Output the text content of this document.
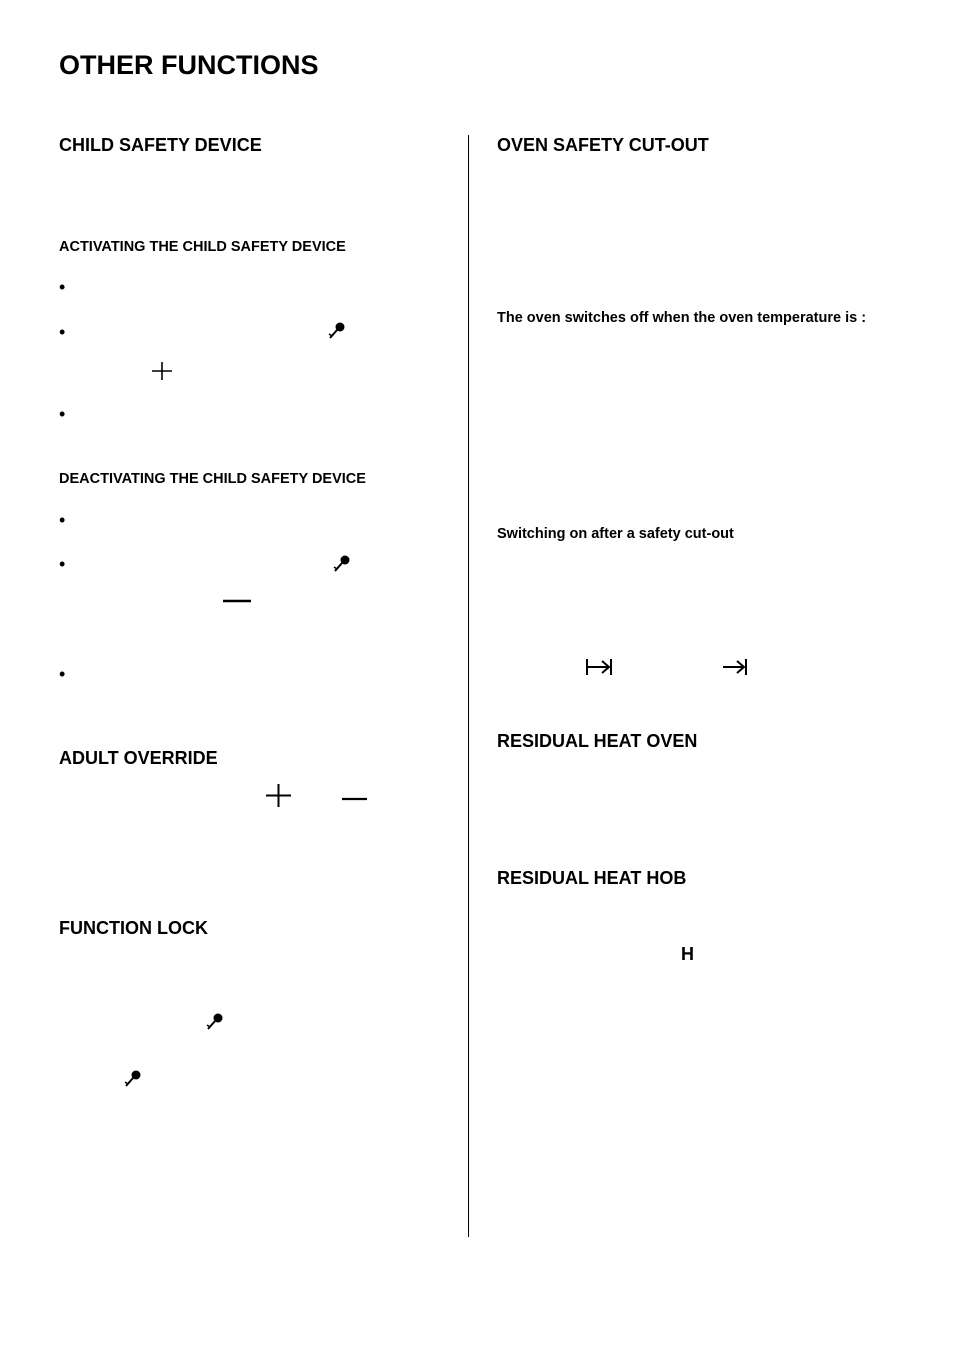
OTHER FUNCTIONS
CHILD SAFETY DEVICE
ACTIVATING THE CHILD SAFETY DEVICE
•
•
•
DEACTIVATING THE CHILD SAFETY DEVICE
•
•
•
ADULT OVERRIDE
FUNCTION LOCK
OVEN SAFETY CUT-OUT
The oven switches off when the oven temperature is :
Switching on after a safety cut-out
RESIDUAL HEAT OVEN
RESIDUAL HEAT HOB
H
